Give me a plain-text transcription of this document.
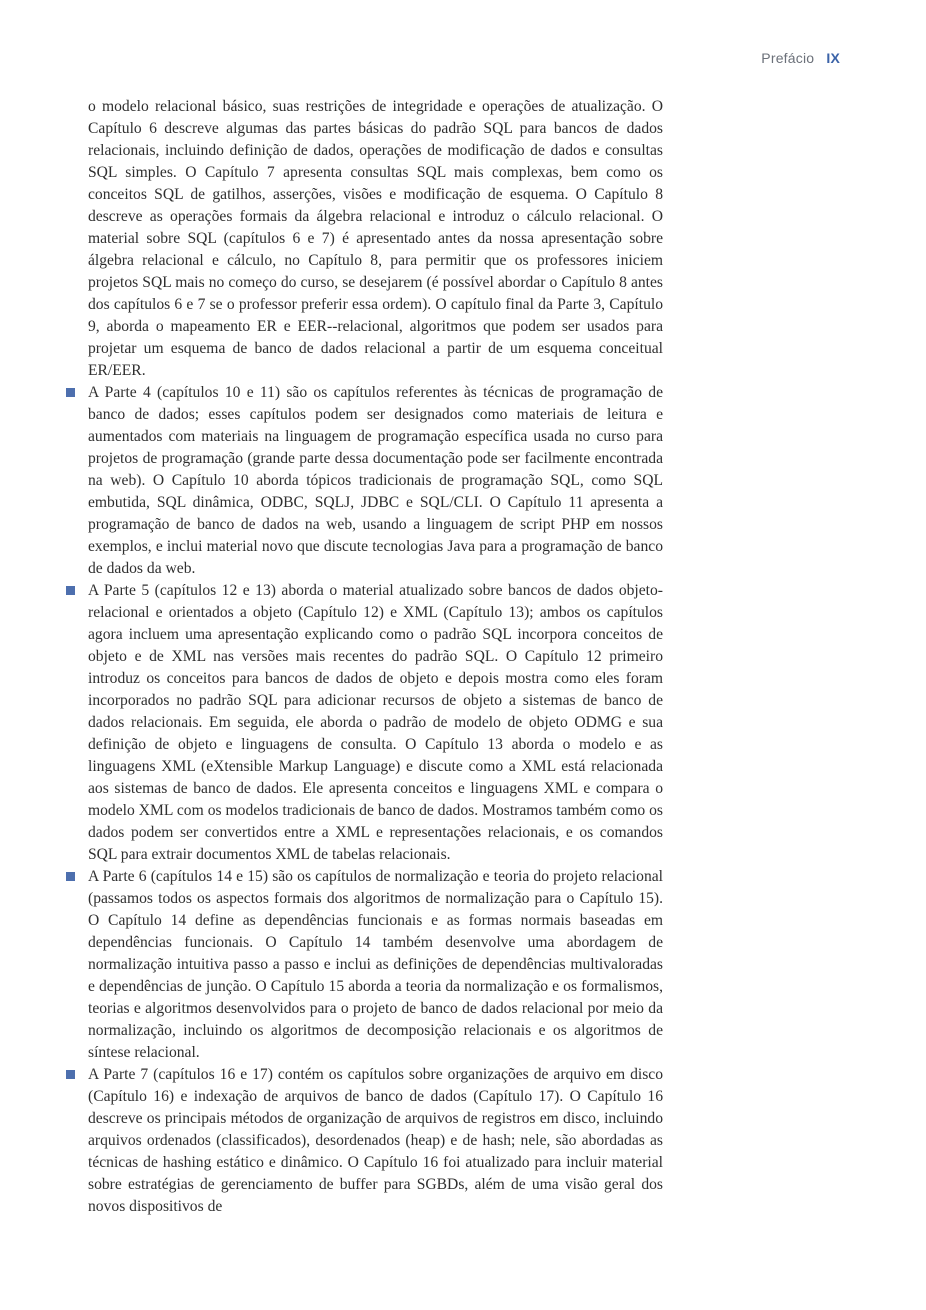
Prefácio IX

o modelo relacional básico, suas restrições de integridade e operações de atualização. O Capítulo 6 descreve algumas das partes básicas do padrão SQL para bancos de dados relacionais, incluindo definição de dados, operações de modificação de dados e consultas SQL simples. O Capítulo 7 apresenta consultas SQL mais complexas, bem como os conceitos SQL de gatilhos, asserções, visões e modificação de esquema. O Capítulo 8 descreve as operações formais da álgebra relacional e introduz o cálculo relacional. O material sobre SQL (capítulos 6 e 7) é apresentado antes da nossa apresentação sobre álgebra relacional e cálculo, no Capítulo 8, para permitir que os professores iniciem projetos SQL mais no começo do curso, se desejarem (é possível abordar o Capítulo 8 antes dos capítulos 6 e 7 se o professor preferir essa ordem). O capítulo final da Parte 3, Capítulo 9, aborda o mapeamento ER e EER--relacional, algoritmos que podem ser usados para projetar um esquema de banco de dados relacional a partir de um esquema conceitual ER/EER.

A Parte 4 (capítulos 10 e 11) são os capítulos referentes às técnicas de programação de banco de dados; esses capítulos podem ser designados como materiais de leitura e aumentados com materiais na linguagem de programação específica usada no curso para projetos de programação (grande parte dessa documentação pode ser facilmente encontrada na web). O Capítulo 10 aborda tópicos tradicionais de programação SQL, como SQL embutida, SQL dinâmica, ODBC, SQLJ, JDBC e SQL/CLI. O Capítulo 11 apresenta a programação de banco de dados na web, usando a linguagem de script PHP em nossos exemplos, e inclui material novo que discute tecnologias Java para a programação de banco de dados da web.

A Parte 5 (capítulos 12 e 13) aborda o material atualizado sobre bancos de dados objeto-relacional e orientados a objeto (Capítulo 12) e XML (Capítulo 13); ambos os capítulos agora incluem uma apresentação explicando como o padrão SQL incorpora conceitos de objeto e de XML nas versões mais recentes do padrão SQL. O Capítulo 12 primeiro introduz os conceitos para bancos de dados de objeto e depois mostra como eles foram incorporados no padrão SQL para adicionar recursos de objeto a sistemas de banco de dados relacionais. Em seguida, ele aborda o padrão de modelo de objeto ODMG e sua definição de objeto e linguagens de consulta. O Capítulo 13 aborda o modelo e as linguagens XML (eXtensible Markup Language) e discute como a XML está relacionada aos sistemas de banco de dados. Ele apresenta conceitos e linguagens XML e compara o modelo XML com os modelos tradicionais de banco de dados. Mostramos também como os dados podem ser convertidos entre a XML e representações relacionais, e os comandos SQL para extrair documentos XML de tabelas relacionais.

A Parte 6 (capítulos 14 e 15) são os capítulos de normalização e teoria do projeto relacional (passamos todos os aspectos formais dos algoritmos de normalização para o Capítulo 15). O Capítulo 14 define as dependências funcionais e as formas normais baseadas em dependências funcionais. O Capítulo 14 também desenvolve uma abordagem de normalização intuitiva passo a passo e inclui as definições de dependências multivaloradas e dependências de junção. O Capítulo 15 aborda a teoria da normalização e os formalismos, teorias e algoritmos desenvolvidos para o projeto de banco de dados relacional por meio da normalização, incluindo os algoritmos de decomposição relacionais e os algoritmos de síntese relacional.

A Parte 7 (capítulos 16 e 17) contém os capítulos sobre organizações de arquivo em disco (Capítulo 16) e indexação de arquivos de banco de dados (Capítulo 17). O Capítulo 16 descreve os principais métodos de organização de arquivos de registros em disco, incluindo arquivos ordenados (classificados), desordenados (heap) e de hash; nele, são abordadas as técnicas de hashing estático e dinâmico. O Capítulo 16 foi atualizado para incluir material sobre estratégias de gerenciamento de buffer para SGBDs, além de uma visão geral dos novos dispositivos de
